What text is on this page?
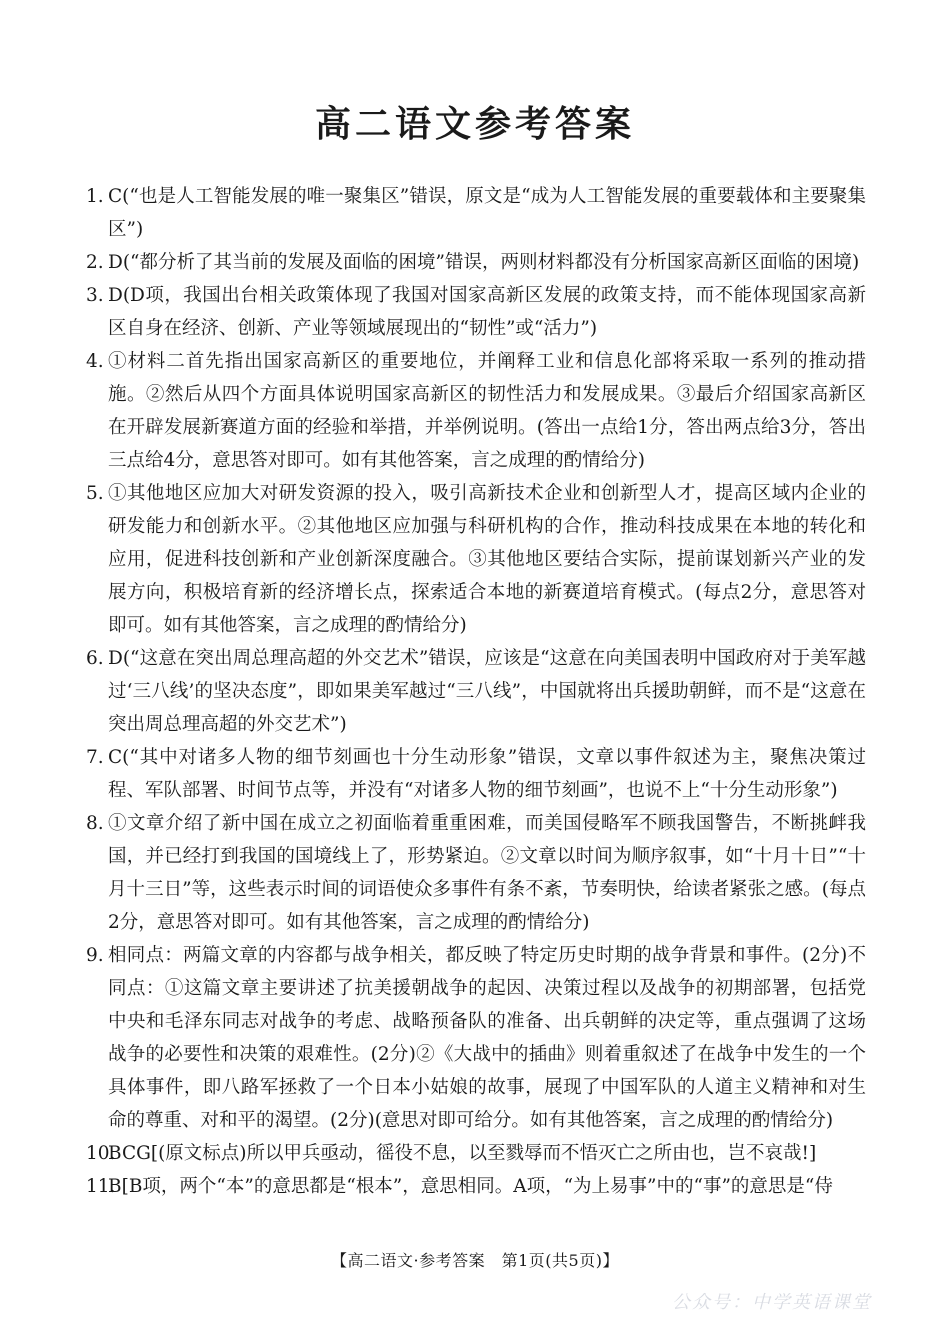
高二语文参考答案
1. C(“也是人工智能发展的唯一聚集区”错误，原文是“成为人工智能发展的重要载体和主要聚集区”)
2. D(“都分析了其当前的发展及面临的困境”错误，两则材料都没有分析国家高新区面临的困境)
3. D(D项，我国出台相关政策体现了我国对国家高新区发展的政策支持，而不能体现国家高新区自身在经济、创新、产业等领域展现出的“韧性”或“活力”)
4. ①材料二首先指出国家高新区的重要地位，并阐释工业和信息化部将采取一系列的推动措施。②然后从四个方面具体说明国家高新区的韧性活力和发展成果。③最后介绍国家高新区在开辟发展新赛道方面的经验和举措，并举例说明。(答出一点给1分，答出两点给3分，答出三点给4分，意思答对即可。如有其他答案，言之成理的酌情给分)
5. ①其他地区应加大对研发资源的投入，吸引高新技术企业和创新型人才，提高区域内企业的研发能力和创新水平。②其他地区应加强与科研机构的合作，推动科技成果在本地的转化和应用，促进科技创新和产业创新深度融合。③其他地区要结合实际，提前谋划新兴产业的发展方向，积极培育新的经济增长点，探索适合本地的新赛道培育模式。(每点2分，意思答对即可。如有其他答案，言之成理的酌情给分)
6. D(“这意在突出周总理高超的外交艺术”错误，应该是“这意在向美国表明中国政府对于美军越过‘三八线’的坚决态度”，即如果美军越过“三八线”，中国就将出兵援助朝鲜，而不是“这意在突出周总理高超的外交艺术”)
7. C(“其中对诸多人物的细节刻画也十分生动形象”错误，文章以事件叙述为主，聚焦决策过程、军队部署、时间节点等，并没有“对诸多人物的细节刻画”，也说不上“十分生动形象”)
8. ①文章介绍了新中国在成立之初面临着重重困难，而美国侵略军不顾我国警告，不断挑衅我国，并已经打到我国的国境线上了，形势紧迫。②文章以时间为顺序叙事，如“十月十日”“十月十三日”等，这些表示时间的词语使众多事件有条不紊，节奏明快，给读者紧张之感。(每点2分，意思答对即可。如有其他答案，言之成理的酌情给分)
9. 相同点：两篇文章的内容都与战争相关，都反映了特定历史时期的战争背景和事件。(2分)不同点：①这篇文章主要讲述了抗美援朝战争的起因、决策过程以及战争的初期部署，包括党中央和毛泽东同志对战争的考虑、战略预备队的准备、出兵朝鲜的决定等，重点强调了这场战争的必要性和决策的艰难性。(2分)②《大战中的插曲》则着重叙述了在战争中发生的一个具体事件，即八路军拯救了一个日本小姑娘的故事，展现了中国军队的人道主义精神和对生命的尊重、对和平的渴望。(2分)(意思对即可给分。如有其他答案，言之成理的酌情给分)
10.
BCG[(原文标点)所以甲兵亟动，徭役不息，以至戮辱而不悟灭亡之所由也，岂不哀哉!]
11.
B[B项，两个“本”的意思都是“根本”，意思相同。A项，“为上易事”中的“事”的意思是“侍
【高二语文·参考答案　第1页(共5页)】
公众号：中学英语课堂
